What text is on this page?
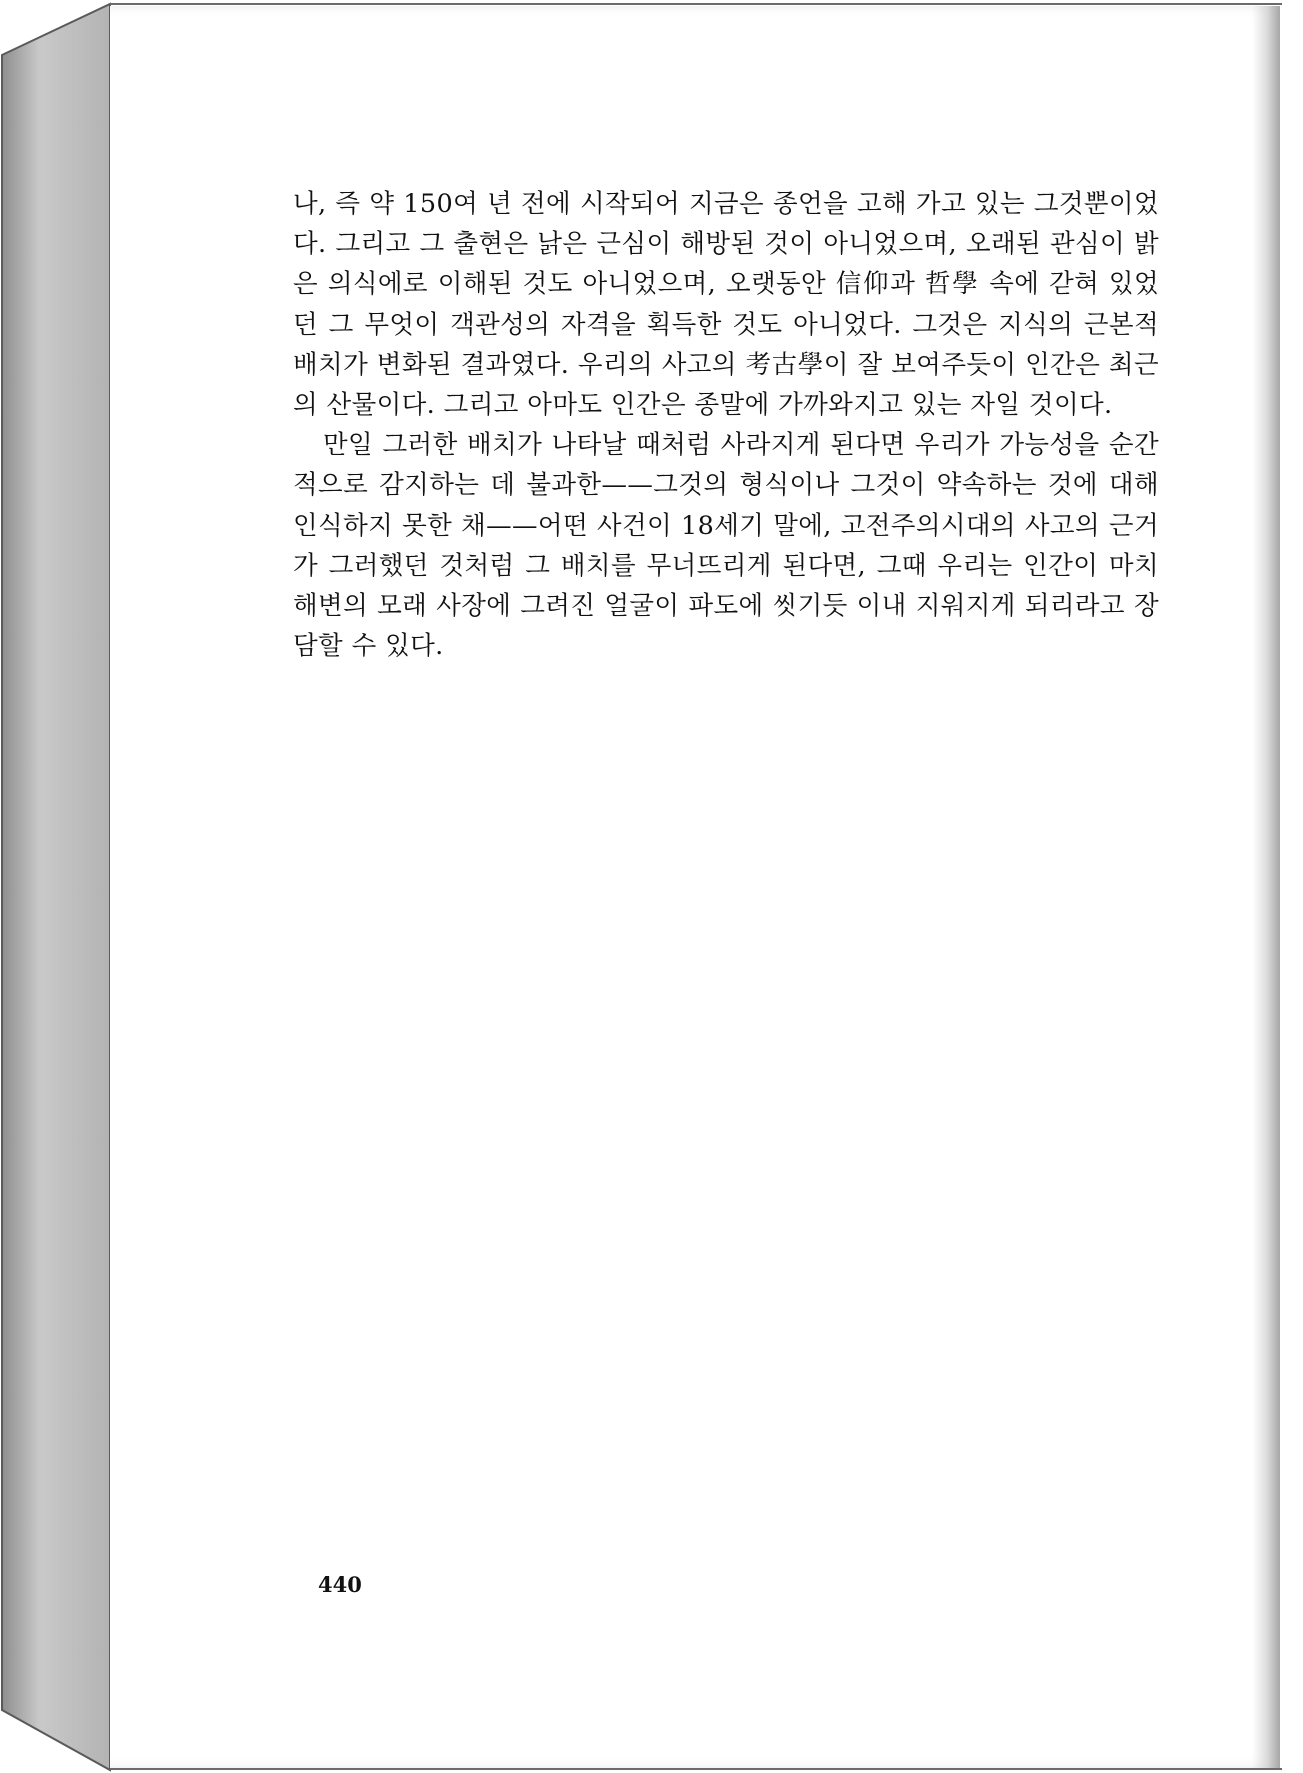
나, 즉 약 150여 년 전에 시작되어 지금은 종언을 고해 가고 있는 그것뿐이었다. 그리고 그 출현은 낡은 근심이 해방된 것이 아니었으며, 오래된 관심이 밝은 의식에로 이해된 것도 아니었으며, 오랫동안 信仰과 哲學 속에 갇혀 있었던 그 무엇이 객관성의 자격을 획득한 것도 아니었다. 그것은 지식의 근본적 배치가 변화된 결과였다. 우리의 사고의 考古學이 잘 보여주듯이 인간은 최근의 산물이다. 그리고 아마도 인간은 종말에 가까와지고 있는 자일 것이다.

만일 그러한 배치가 나타날 때처럼 사라지게 된다면 우리가 가능성을 순간적으로 감지하는 데 불과한——그것의 형식이나 그것이 약속하는 것에 대해 인식하지 못한 채——어떤 사건이 18세기 말에, 고전주의시대의 사고의 근거가 그러했던 것처럼 그 배치를 무너뜨리게 된다면, 그때 우리는 인간이 마치 해변의 모래 사장에 그려진 얼굴이 파도에 씻기듯 이내 지워지게 되리라고 장담할 수 있다.

440
